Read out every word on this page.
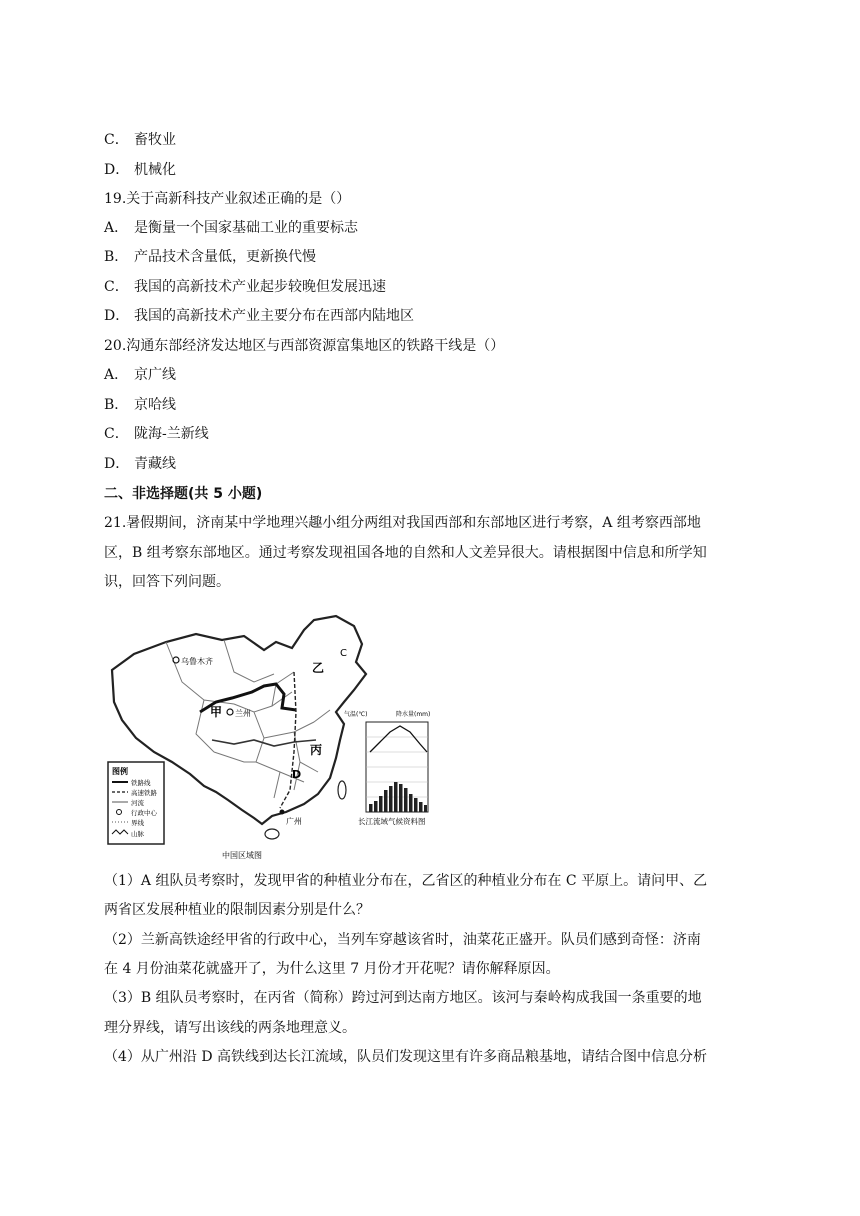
C． 畜牧业
D． 机械化
19.关于高新科技产业叙述正确的是（）
A． 是衡量一个国家基础工业的重要标志
B． 产品技术含量低，更新换代慢
C． 我国的高新技术产业起步较晚但发展迅速
D． 我国的高新技术产业主要分布在西部内陆地区
20.沟通东部经济发达地区与西部资源富集地区的铁路干线是（）
A． 京广线
B． 京哈线
C． 陇海-兰新线
D． 青藏线
二、非选择题(共 5 小题)
21.暑假期间，济南某中学地理兴趣小组分两组对我国西部和东部地区进行考察，A 组考察西部地
区，B 组考察东部地区。通过考察发现祖国各地的自然和人文差异很大。请根据图中信息和所学知
识，回答下列问题。
乌鲁木齐
兰州
广州
甲
乙
丙
D
C
图例
铁路线
高速铁路
河流
行政中心
界线
山脉
气温(℃)	降水量(mm)
长江流域气候资料图
中国区域图
（1）A 组队员考察时，发现甲省的种植业分布在，乙省区的种植业分布在 C 平原上。请问甲、乙
两省区发展种植业的限制因素分别是什么？
（2）兰新高铁途经甲省的行政中心，当列车穿越该省时，油菜花正盛开。队员们感到奇怪：济南
在 4 月份油菜花就盛开了，为什么这里 7 月份才开花呢？请你解释原因。
（3）B 组队员考察时，在丙省（简称）跨过河到达南方地区。该河与秦岭构成我国一条重要的地
理分界线，请写出该线的两条地理意义。
（4）从广州沿 D 高铁线到达长江流域，队员们发现这里有许多商品粮基地，请结合图中信息分析
